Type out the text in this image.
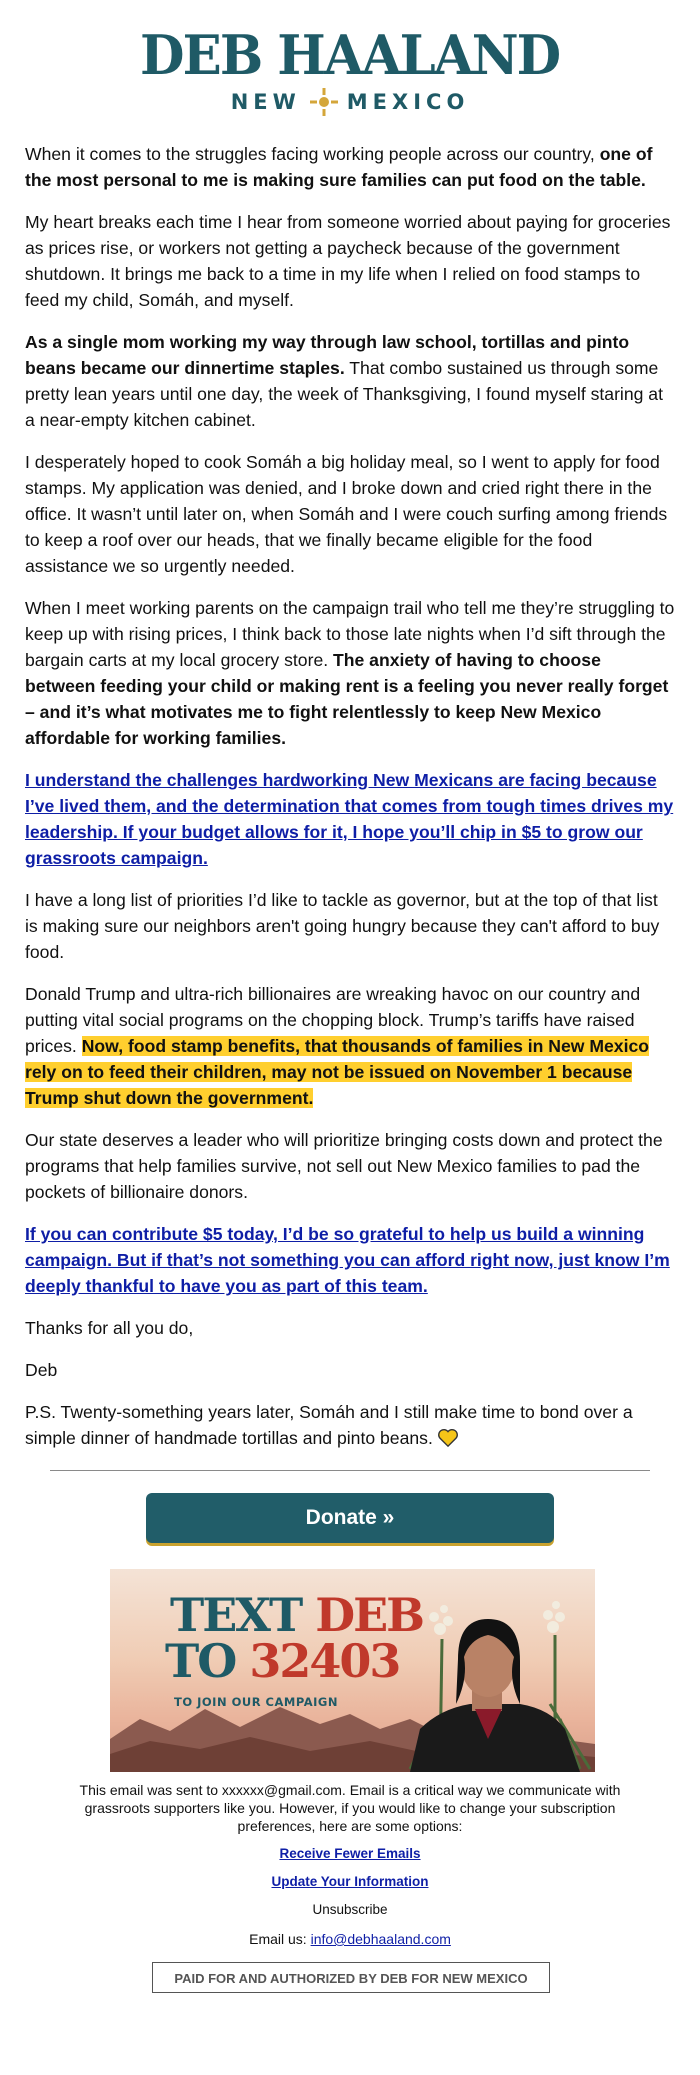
DEB HAALAND
NEW MEXICO

When it comes to the struggles facing working people across our country, one of the most personal to me is making sure families can put food on the table.

My heart breaks each time I hear from someone worried about paying for groceries as prices rise, or workers not getting a paycheck because of the government shutdown. It brings me back to a time in my life when I relied on food stamps to feed my child, Somáh, and myself.

As a single mom working my way through law school, tortillas and pinto beans became our dinnertime staples. That combo sustained us through some pretty lean years until one day, the week of Thanksgiving, I found myself staring at a near-empty kitchen cabinet.

I desperately hoped to cook Somáh a big holiday meal, so I went to apply for food stamps. My application was denied, and I broke down and cried right there in the office. It wasn’t until later on, when Somáh and I were couch surfing among friends to keep a roof over our heads, that we finally became eligible for the food assistance we so urgently needed.

When I meet working parents on the campaign trail who tell me they’re struggling to keep up with rising prices, I think back to those late nights when I’d sift through the bargain carts at my local grocery store. The anxiety of having to choose between feeding your child or making rent is a feeling you never really forget – and it’s what motivates me to fight relentlessly to keep New Mexico affordable for working families.

I understand the challenges hardworking New Mexicans are facing because I’ve lived them, and the determination that comes from tough times drives my leadership. If your budget allows for it, I hope you’ll chip in $5 to grow our grassroots campaign.

I have a long list of priorities I’d like to tackle as governor, but at the top of that list is making sure our neighbors aren't going hungry because they can't afford to buy food.

Donald Trump and ultra-rich billionaires are wreaking havoc on our country and putting vital social programs on the chopping block. Trump’s tariffs have raised prices. Now, food stamp benefits, that thousands of families in New Mexico rely on to feed their children, may not be issued on November 1 because Trump shut down the government.

Our state deserves a leader who will prioritize bringing costs down and protect the programs that help families survive, not sell out New Mexico families to pad the pockets of billionaire donors.

If you can contribute $5 today, I’d be so grateful to help us build a winning campaign. But if that’s not something you can afford right now, just know I’m deeply thankful to have you as part of this team.

Thanks for all you do,

Deb

P.S. Twenty-something years later, Somáh and I still make time to bond over a simple dinner of handmade tortillas and pinto beans.

Donate »
TEXT DEB
TO 32403
TO JOIN OUR CAMPAIGN

This email was sent to xxxxxx@gmail.com. Email is a critical way we communicate with grassroots supporters like you. However, if you would like to change your subscription preferences, here are some options:

Receive Fewer Emails
Update Your Information
Unsubscribe
Email us: info@debhaaland.com
PAID FOR AND AUTHORIZED BY DEB FOR NEW MEXICO
